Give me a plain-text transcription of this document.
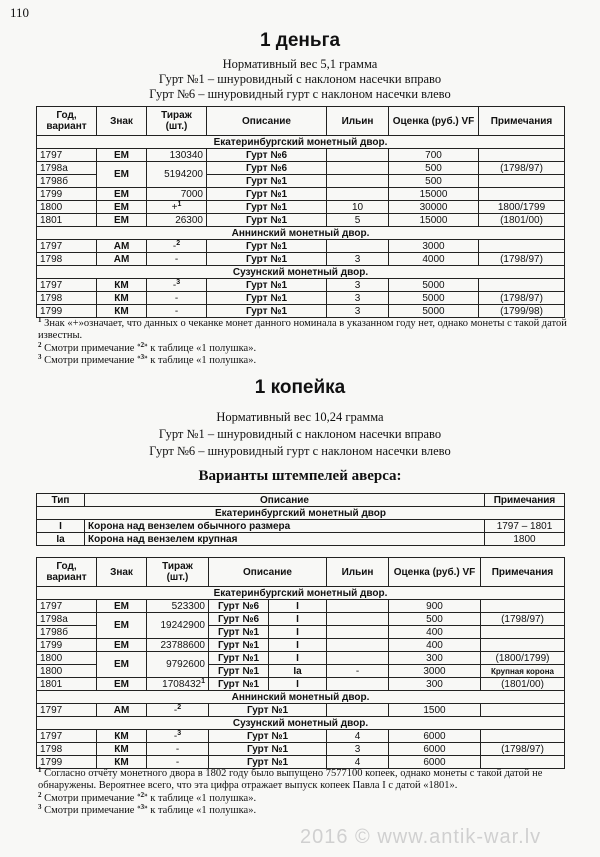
110
1 деньга
Нормативный вес 5,1 грамма
Гурт №1 – шнуровидный с наклоном насечки вправо
Гурт №6 – шнуровидный гурт с наклоном насечки влево
Год, вариант	Знак	Тираж (шт.)	Описание	Ильин	Оценка (руб.) VF	Примечания
Екатеринбургский монетный двор.						
1797	ЕМ	130340	Гурт №6		700	
1798а	ЕМ	5194200	Гурт №6		500	(1798/97)
1798б			Гурт №1		500	
1799	ЕМ	7000	Гурт №1		15000	
1800	ЕМ	+$^1$	Гурт №1	10	30000	1800/1799
1801	ЕМ	26300	Гурт №1	5	15000	(1801/00)
Аннинский монетный двор.						
1797	АМ	-$^2$	Гурт №1		3000	
1798	АМ	-	Гурт №1	3	4000	(1798/97)
Сузунский монетный двор.						
1797	КМ	-$^3$	Гурт №1	3	5000	
1798	КМ	-	Гурт №1	3	5000	(1798/97)
1799	КМ	-	Гурт №1	3	5000	(1799/98)
$^1$ Знак «+»означает, что данных о чеканке монет данного номинала в указанном году нет, однако монеты с такой датой известны.
$^2$ Смотри примечание $^{«2»}$ к таблице «1 полушка».
$^3$ Смотри примечание $^{«3»}$ к таблице «1 полушка».
1 копейка
Нормативный вес 10,24 грамма
Гурт №1 – шнуровидный с наклоном насечки вправо
Гурт №6 – шнуровидный гурт с наклоном насечки влево
Варианты штемпелей аверса:
Тип	Описание	Примечания
Екатеринбургский монетный двор		
I	Корона над вензелем обычного размера	1797 – 1801
Ia	Корона над вензелем крупная	1800
Год, вариант	Знак	Тираж (шт.)	Описание		Ильин	Оценка (руб.) VF	Примечания
Екатеринбургский монетный двор.							
1797	ЕМ	523300	Гурт №6	I		900	
1798а	ЕМ	19242900	Гурт №6	I		500	(1798/97)
1798б			Гурт №1	I		400	
1799	ЕМ	23788600	Гурт №1	I		400	
1800	ЕМ	9792600	Гурт №1	I		300	(1800/1799)
1800			Гурт №1	Ia	-	3000	Крупная корона
1801	ЕМ	1708432$^1$	Гурт №1	I		300	(1801/00)
Аннинский монетный двор.							
1797	АМ	-$^2$	Гурт №1			1500	
Сузунский монетный двор.							
1797	КМ	-$^3$	Гурт №1		4	6000	
1798	КМ	-	Гурт №1		3	6000	(1798/97)
1799	КМ	-	Гурт №1		4	6000	
$^1$ Согласно отчёту монетного двора в 1802 году было выпущено 7577100 копеек, однако монеты с такой датой не обнаружены. Вероятнее всего, что эта цифра отражает выпуск копеек Павла I с датой «1801».
$^2$ Смотри примечание $^{«2»}$ к таблице «1 полушка».
$^3$ Смотри примечание $^{«3»}$ к таблице «1 полушка».
2016 © www.antik-war.lv
